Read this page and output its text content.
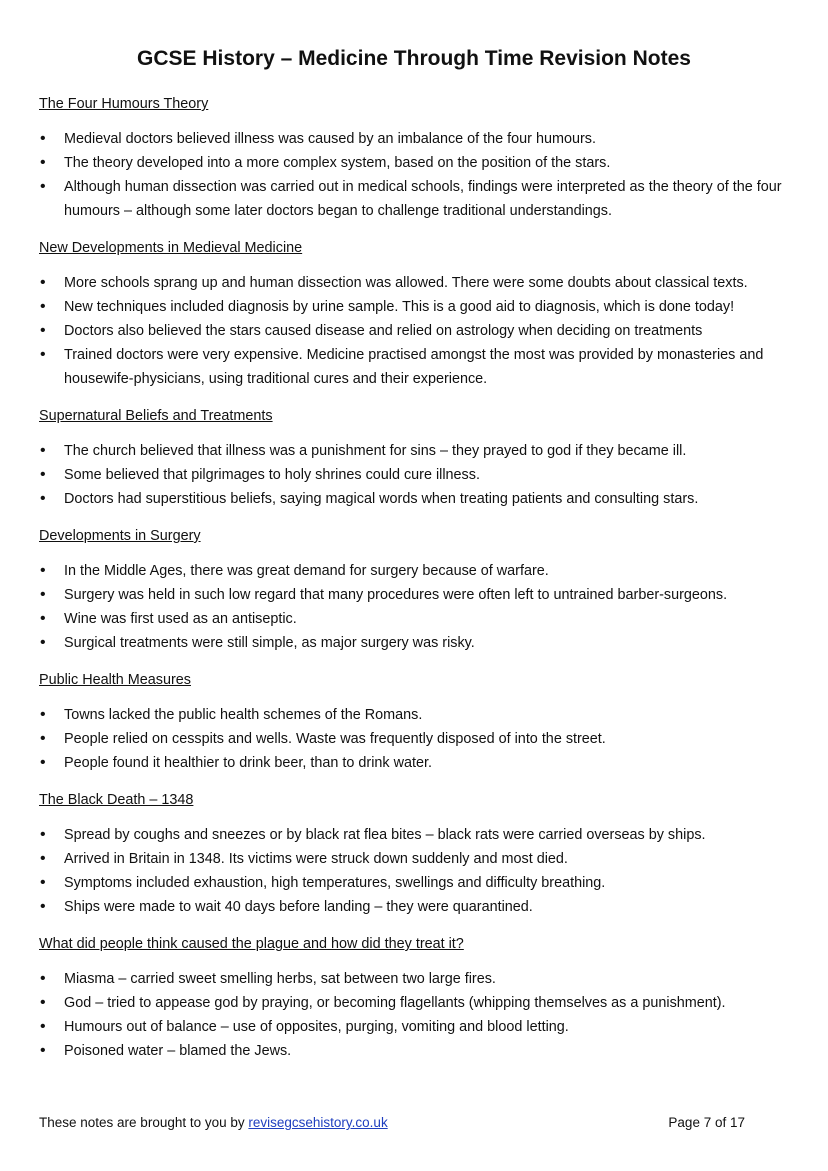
GCSE History – Medicine Through Time Revision Notes
The Four Humours Theory
• Medieval doctors believed illness was caused by an imbalance of the four humours.
• The theory developed into a more complex system, based on the position of the stars.
• Although human dissection was carried out in medical schools, findings were interpreted as the theory of the four humours – although some later doctors began to challenge traditional understandings.
New Developments in Medieval Medicine
• More schools sprang up and human dissection was allowed. There were some doubts about classical texts.
• New techniques included diagnosis by urine sample. This is a good aid to diagnosis, which is done today!
• Doctors also believed the stars caused disease and relied on astrology when deciding on treatments
• Trained doctors were very expensive. Medicine practised amongst the most was provided by monasteries and housewife-physicians, using traditional cures and their experience.
Supernatural Beliefs and Treatments
• The church believed that illness was a punishment for sins – they prayed to god if they became ill.
• Some believed that pilgrimages to holy shrines could cure illness.
• Doctors had superstitious beliefs, saying magical words when treating patients and consulting stars.
Developments in Surgery
• In the Middle Ages, there was great demand for surgery because of warfare.
• Surgery was held in such low regard that many procedures were often left to untrained barber-surgeons.
• Wine was first used as an antiseptic.
• Surgical treatments were still simple, as major surgery was risky.
Public Health Measures
• Towns lacked the public health schemes of the Romans.
• People relied on cesspits and wells. Waste was frequently disposed of into the street.
• People found it healthier to drink beer, than to drink water.
The Black Death – 1348
• Spread by coughs and sneezes or by black rat flea bites – black rats were carried overseas by ships.
• Arrived in Britain in 1348. Its victims were struck down suddenly and most died.
• Symptoms included exhaustion, high temperatures, swellings and difficulty breathing.
• Ships were made to wait 40 days before landing – they were quarantined.
What did people think caused the plague and how did they treat it?
• Miasma – carried sweet smelling herbs, sat between two large fires.
• God – tried to appease god by praying, or becoming flagellants (whipping themselves as a punishment).
• Humours out of balance – use of opposites, purging, vomiting and blood letting.
• Poisoned water – blamed the Jews.
These notes are brought to you by revisegcsehistory.co.uk	Page 7 of 17
